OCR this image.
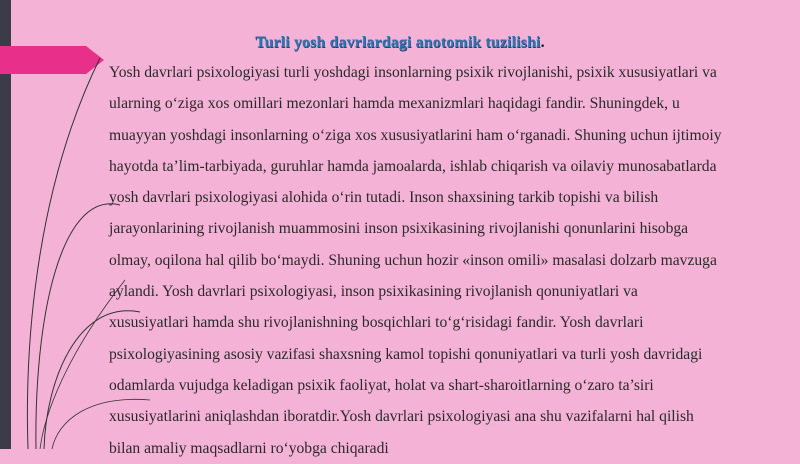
Turli yosh davrlardagi anotomik tuzilishi.
Yosh davrlari psixologiyasi turli yoshdagi insonlarning psixik rivojlanishi, psixik xususiyatlari va
ularning o‘ziga xos omillari mezonlari hamda mexanizmlari haqidagi fandir. Shuningdek, u
muayyan yoshdagi insonlarning o‘ziga xos xususiyatlarini ham o‘rganadi. Shuning uchun ijtimoiy
hayotda ta’lim-tarbiyada, guruhlar hamda jamoalarda, ishlab chiqarish va oilaviy munosabatlarda
yosh davrlari psixologiyasi alohida o‘rin tutadi. Inson shaxsining tarkib topishi va bilish
jarayonlarining rivojlanish muammosini inson psixikasining rivojlanishi qonunlarini hisobga
olmay, oqilona hal qilib bo‘maydi. Shuning uchun hozir «inson omili» masalasi dolzarb mavzuga
aylandi. Yosh davrlari psixologiyasi, inson psixikasining rivojlanish qonuniyatlari va
xususiyatlari hamda shu rivojlanishning bosqichlari to‘g‘risidagi fandir. Yosh davrlari
psixologiyasining asosiy vazifasi shaxsning kamol topishi qonuniyatlari va turli yosh davridagi
odamlarda vujudga keladigan psixik faoliyat, holat va shart-sharoitlarning o‘zaro ta’siri
xususiyatlarini aniqlashdan iboratdir.Yosh davrlari psixologiyasi ana shu vazifalarni hal qilish
bilan amaliy maqsadlarni ro‘yobga chiqaradi
